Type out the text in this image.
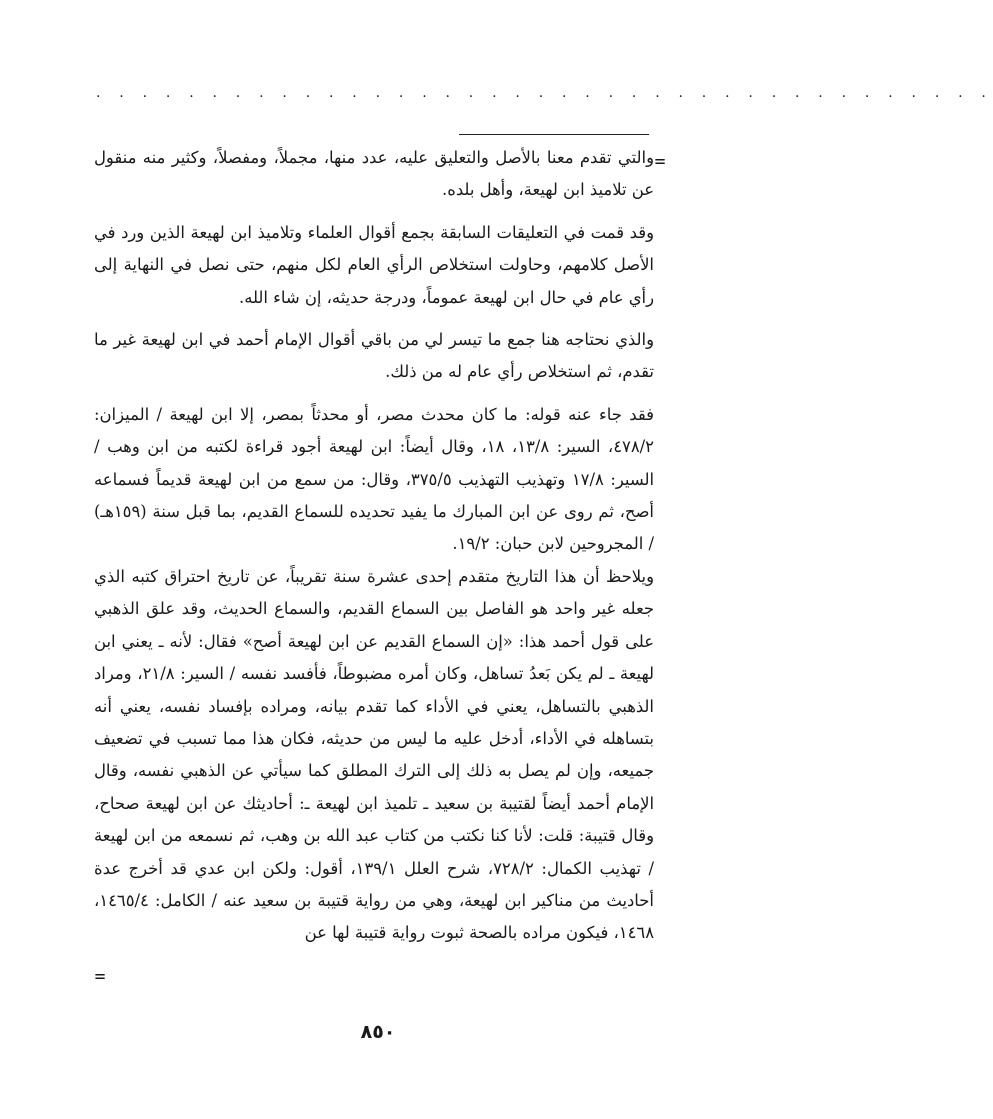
. . . . . . . . . . . . . . . . . . . . . . . . . . . . . . . . . . . . . . .
=

والتي تقدم معنا بالأصل والتعليق عليه، عدد منها، مجملاً، ومفصلاً، وكثير منه منقول عن تلاميذ ابن لهيعة، وأهل بلده.

وقد قمت في التعليقات السابقة بجمع أقوال العلماء وتلاميذ ابن لهيعة الذين ورد في الأصل كلامهم، وحاولت استخلاص الرأي العام لكل منهم، حتى نصل في النهاية إلى رأي عام في حال ابن لهيعة عموماً، ودرجة حديثه، إن شاء الله.

والذي نحتاجه هنا جمع ما تيسر لي من باقي أقوال الإمام أحمد في ابن لهيعة غير ما تقدم، ثم استخلاص رأي عام له من ذلك.

فقد جاء عنه قوله: ما كان محدث مصر، أو محدثاً بمصر، إلا ابن لهيعة / الميزان: ٤٧٨/٢، السير: ١٣/٨، ١٨، وقال أيضاً: ابن لهيعة أجود قراءة لكتبه من ابن وهب / السير: ١٧/٨ وتهذيب التهذيب ٣٧٥/٥، وقال: من سمع من ابن لهيعة قديماً فسماعه أصح، ثم روى عن ابن المبارك ما يفيد تحديده للسماع القديم، بما قبل سنة (١٥٩هـ) / المجروحين لابن حبان: ١٩/٢.

ويلاحظ أن هذا التاريخ متقدم إحدى عشرة سنة تقريباً، عن تاريخ احتراق كتبه الذي جعله غير واحد هو الفاصل بين السماع القديم، والسماع الحديث، وقد علق الذهبي على قول أحمد هذا: «إن السماع القديم عن ابن لهيعة أصح» فقال: لأنه ـ يعني ابن لهيعة ـ لم يكن بَعدُ تساهل، وكان أمره مضبوطاً، فأفسد نفسه / السير: ٢١/٨، ومراد الذهبي بالتساهل، يعني في الأداء كما تقدم بيانه، ومراده بإفساد نفسه، يعني أنه بتساهله في الأداء، أدخل عليه ما ليس من حديثه، فكان هذا مما تسبب في تضعيف جميعه، وإن لم يصل به ذلك إلى الترك المطلق كما سيأتي عن الذهبي نفسه، وقال الإمام أحمد أيضاً لقتيبة بن سعيد ـ تلميذ ابن لهيعة ـ: أحاديثك عن ابن لهيعة صحاح، وقال قتيبة: قلت: لأنا كنا نكتب من كتاب عبد الله بن وهب، ثم نسمعه من ابن لهيعة / تهذيب الكمال: ٧٢٨/٢، شرح العلل ١٣٩/١، أقول: ولكن ابن عدي قد أخرج عدة أحاديث من مناكير ابن لهيعة، وهي من رواية قتيبة بن سعيد عنه / الكامل: ١٤٦٥/٤، ١٤٦٨، فيكون مراده بالصحة ثبوت رواية قتيبة لها عن

=
٨٥٠
